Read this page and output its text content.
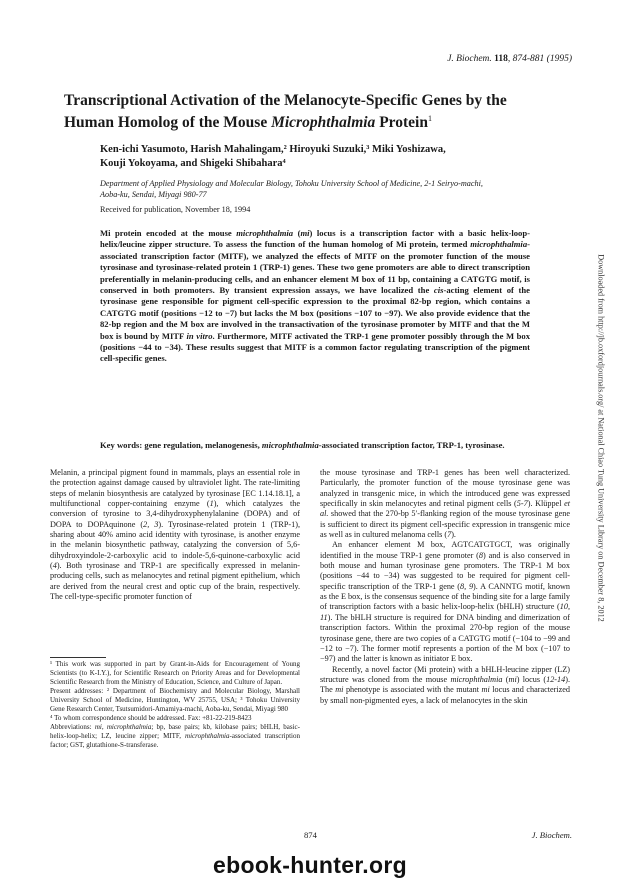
J. Biochem. 118, 874-881 (1995)
Transcriptional Activation of the Melanocyte-Specific Genes by the
Human Homolog of the Mouse Microphthalmia Protein$^1$
Ken-ichi Yasumoto, Harish Mahalingam,² Hiroyuki Suzuki,³ Miki Yoshizawa,
Kouji Yokoyama, and Shigeki Shibahara⁴
Department of Applied Physiology and Molecular Biology, Tohoku University School of Medicine, 2-1 Seiryo-machi,
Aoba-ku, Sendai, Miyagi 980-77
Received for publication, November 18, 1994
Mi protein encoded at the mouse microphthalmia (mi) locus is a transcription factor with a basic helix-loop-helix/leucine zipper structure. To assess the function of the human homolog of Mi protein, termed microphthalmia-associated transcription factor (MITF), we analyzed the effects of MITF on the promoter function of the mouse tyrosinase and tyrosinase-related protein 1 (TRP-1) genes. These two gene promoters are able to direct transcription preferentially in melanin-producing cells, and an enhancer element M box of 11 bp, containing a CATGTG motif, is conserved in both promoters. By transient expression assays, we have localized the cis-acting element of the tyrosinase gene responsible for pigment cell-specific expression to the proximal 82-bp region, which contains a CATGTG motif (positions −12 to −7) but lacks the M box (positions −107 to −97). We also provide evidence that the 82-bp region and the M box are involved in the transactivation of the tyrosinase promoter by MITF and that the M box is bound by MITF in vitro. Furthermore, MITF activated the TRP-1 gene promoter possibly through the M box (positions −44 to −34). These results suggest that MITF is a common factor regulating transcription of the pigment cell-specific genes.
Key words: gene regulation, melanogenesis, microphthalmia-associated transcription factor, TRP-1, tyrosinase.

Melanin, a principal pigment found in mammals, plays an essential role in the protection against damage caused by ultraviolet light. The rate-limiting steps of melanin biosynthesis are catalyzed by tyrosinase [EC 1.14.18.1], a multifunctional copper-containing enzyme (1), which catalyzes the conversion of tyrosine to 3,4-dihydroxyphenylalanine (DOPA) and of DOPA to DOPAquinone (2, 3). Tyrosinase-related protein 1 (TRP-1), sharing about 40% amino acid identity with tyrosinase, is another enzyme in the melanin biosynthetic pathway, catalyzing the conversion of 5,6-dihydroxyindole-2-carboxylic acid to indole-5,6-quinone-carboxylic acid (4). Both tyrosinase and TRP-1 are specifically expressed in melanin-producing cells, such as melanocytes and retinal pigment epithelium, which are derived from the neural crest and optic cup of the brain, respectively. The cell-type-specific promoter function of

¹ This work was supported in part by Grant-in-Aids for Encouragement of Young Scientists (to K-I.Y.), for Scientific Research on Priority Areas and for Developmental Scientific Research from the Ministry of Education, Science, and Culture of Japan.

Present addresses: ² Department of Biochemistry and Molecular Biology, Marshall University School of Medicine, Huntington, WV 25755, USA; ³ Tohoku University Gene Research Center, Tsutsumidori-Amamiya-machi, Aoba-ku, Sendai, Miyagi 980

⁴ To whom correspondence should be addressed. Fax: +81-22-219-8423

Abbreviations: mi, microphthalmia; bp, base pairs; kb, kilobase pairs; bHLH, basic-helix-loop-helix; LZ, leucine zipper; MITF, microphthalmia-associated transcription factor; GST, glutathione-S-transferase.

the mouse tyrosinase and TRP-1 genes has been well characterized. Particularly, the promoter function of the mouse tyrosinase gene was analyzed in transgenic mice, in which the introduced gene was expressed specifically in skin melanocytes and retinal pigment cells (5-7). Klüppel et al. showed that the 270-bp 5′-flanking region of the mouse tyrosinase gene is sufficient to direct its pigment cell-specific expression in transgenic mice as well as in cultured melanoma cells (7).

An enhancer element M box, AGTCATGTGCT, was originally identified in the mouse TRP-1 gene promoter (8) and is also conserved in both mouse and human tyrosinase gene promoters. The TRP-1 M box (positions −44 to −34) was suggested to be required for pigment cell-specific transcription of the TRP-1 gene (8, 9). A CANNTG motif, known as the E box, is the consensus sequence of the binding site for a large family of transcription factors with a basic helix-loop-helix (bHLH) structure (10, 11). The bHLH structure is required for DNA binding and dimerization of transcription factors. Within the proximal 270-bp region of the mouse tyrosinase gene, there are two copies of a CATGTG motif (−104 to −99 and −12 to −7). The former motif represents a portion of the M box (−107 to −97) and the latter is known as initiator E box.

Recently, a novel factor (Mi protein) with a bHLH-leucine zipper (LZ) structure was cloned from the mouse microphthalmia (mi) locus (12-14). The mi phenotype is associated with the mutant mi locus and characterized by small non-pigmented eyes, a lack of melanocytes in the skin

874	J. Biochem.
Downloaded from http://jb.oxfordjournals.org/ at National Chiao Tung University Library on December 8, 2012
ebook-hunter.org
